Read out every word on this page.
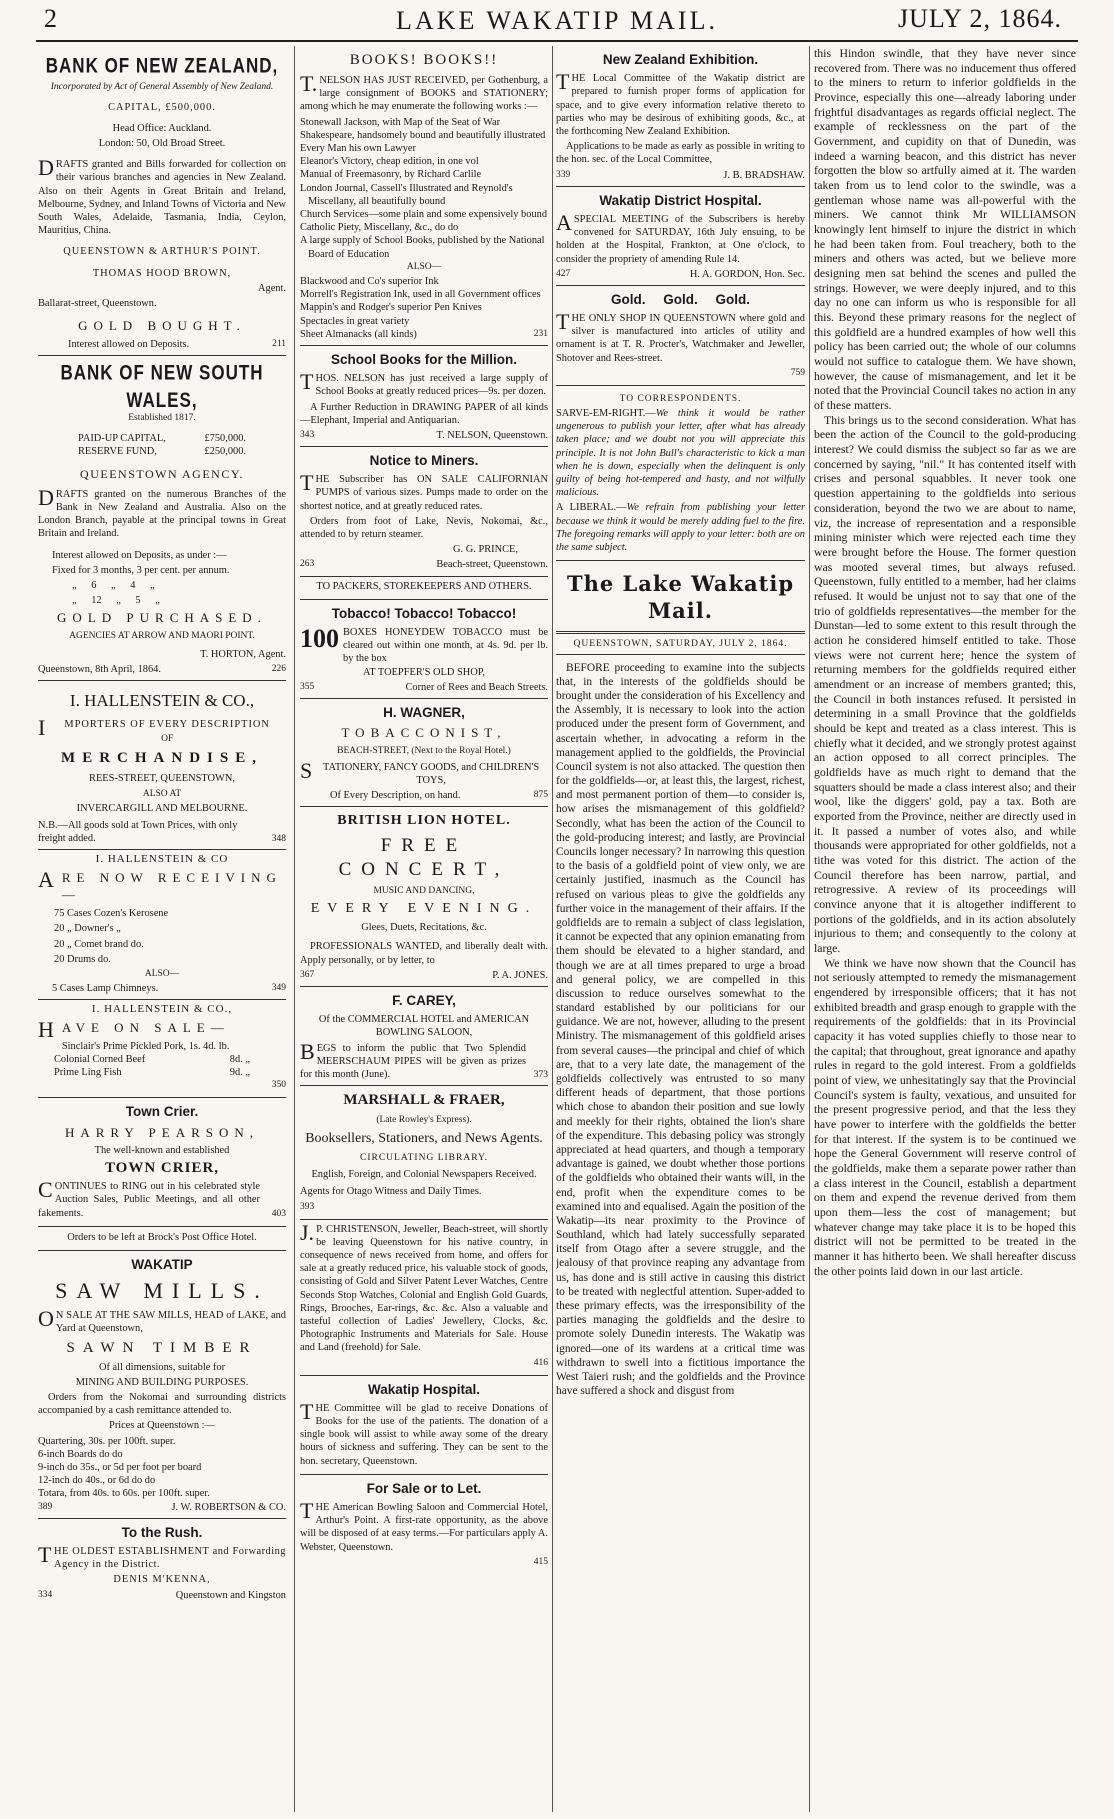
2	LAKE WAKATIP MAIL.	JULY 2, 1864.
BANK OF NEW ZEALAND,

Incorporated by Act of General Assembly of New Zealand.

CAPITAL, £500,000.

Head Office: Auckland.

London: 50, Old Broad Street.

DRAFTS granted and Bills forwarded for collection on their various branches and agencies in New Zealand. Also on their Agents in Great Britain and Ireland, Melbourne, Sydney, and Inland Towns of Victoria and New South Wales, Adelaide, Tasmania, India, Ceylon, Mauritius, China.

QUEENSTOWN & ARTHUR'S POINT.

THOMAS HOOD BROWN,

Agent.

Ballarat-street, Queenstown.

GOLD BOUGHT.

Interest allowed on Deposits.	211
BANK OF NEW SOUTH WALES,

Established 1817.

PAID-UP CAPITAL,	£750,000.
RESERVE FUND,	£250,000.

QUEENSTOWN AGENCY.

DRAFTS granted on the numerous Branches of the Bank in New Zealand and Australia. Also on the London Branch, payable at the principal towns in Great Britain and Ireland.

Interest allowed on Deposits, as under :—

Fixed for 3 months, 3 per cent. per annum.

„ 6 „ 4 „

„ 12 „ 5 „

GOLD PURCHASED.

AGENCIES AT ARROW AND MAORI POINT.

T. HORTON, Agent.

Queenstown, 8th April, 1864.	226

I. HALLENSTEIN & CO.,

IMPORTERS OF EVERY DESCRIPTION

OF

MERCHANDISE,

REES-STREET, QUEENSTOWN,

ALSO AT

INVERCARGILL AND MELBOURNE.

N.B.—All goods sold at Town Prices, with only freight added.	348

I. HALLENSTEIN & CO

ARE NOW RECEIVING—

75 Cases Cozen's Kerosene

20 „ Downer's „

20 „ Comet brand do.

20 Drums do.

ALSO—

5 Cases Lamp Chimneys.	349

I. HALLENSTEIN & CO.,

HAVE ON SALE—

Sinclair's Prime Pickled Pork, 1s. 4d. lb.
Colonial Corned Beef	8d. „
Prime Ling Fish	9d. „

350

Town Crier.

HARRY PEARSON,

The well-known and established

TOWN CRIER,

CONTINUES to RING out in his celebrated style Auction Sales, Public Meetings, and all other fakements.	403

Orders to be left at Brock's Post Office Hotel.

WAKATIP

SAW MILLS.

ON SALE AT THE SAW MILLS, HEAD of LAKE, and Yard at Queenstown,

SAWN TIMBER

Of all dimensions, suitable for

MINING AND BUILDING PURPOSES.

Orders from the Nokomai and surrounding districts accompanied by a cash remittance attended to.

Prices at Queenstown :—

Quartering, 30s. per 100ft. super.

6-inch Boards do do

9-inch do 35s., or 5d per foot per board

12-inch do 40s., or 6d do do

Totara, from 40s. to 60s. per 100ft. super.

389	J. W. ROBERTSON & CO.
To the Rush.

THE OLDEST ESTABLISHMENT and Forwarding Agency in the District.

DENIS M'KENNA,

334	Queenstown and Kingston
BOOKS! BOOKS!!

T.NELSON HAS JUST RECEIVED, per Gothenburg, a large consignment of BOOKS and STATIONERY; among which he may enumerate the following works :—

Stonewall Jackson, with Map of the Seat of War

Shakespeare, handsomely bound and beautifully illustrated

Every Man his own Lawyer

Eleanor's Victory, cheap edition, in one vol

Manual of Freemasonry, by Richard Carlile

London Journal, Cassell's Illustrated and Reynold's Miscellany, all beautifully bound

Church Services—some plain and some expensively bound

Catholic Piety, Miscellany, &c., do do

A large supply of School Books, published by the National Board of Education

ALSO—

Blackwood and Co's superior Ink

Morrell's Registration Ink, used in all Government offices

Mappin's and Rodger's superior Pen Knives

Spectacles in great variety

Sheet Almanacks (all kinds)	231
School Books for the Million.

THOS. NELSON has just received a large supply of School Books at greatly reduced prices—9s. per dozen.

A Further Reduction in DRAWING PAPER of all kinds—Elephant, Imperial and Antiquarian.

343	T. NELSON, Queenstown.
Notice to Miners.

THE Subscriber has ON SALE CALIFORNIAN PUMPS of various sizes. Pumps made to order on the shortest notice, and at greatly reduced rates.

Orders from foot of Lake, Nevis, Nokomai, &c., attended to by return steamer.

G. G. PRINCE,

263	Beach-street, Queenstown.

TO PACKERS, STOREKEEPERS AND OTHERS.

Tobacco! Tobacco! Tobacco!
100 BOXES HONEYDEW TOBACCO must be cleared out within one month, at 4s. 9d. per lb. by the box

AT TOEPFER'S OLD SHOP,

355	Corner of Rees and Beach Streets.
H. WAGNER,

TOBACCONIST,

BEACH-STREET, (Next to the Royal Hotel.)

STATIONERY, FANCY GOODS, and CHILDREN'S TOYS,

Of Every Description, on hand.	875
BRITISH LION HOTEL.

FREE CONCERT,

MUSIC AND DANCING,

EVERY EVENING.

Glees, Duets, Recitations, &c.

PROFESSIONALS WANTED, and liberally dealt with. Apply personally, or by letter, to

367	P. A. JONES.
F. CAREY,

Of the COMMERCIAL HOTEL and AMERICAN BOWLING SALOON,

BEGS to inform the public that Two Splendid MEERSCHAUM PIPES will be given as prizes for this month (June).	373
MARSHALL & FRAER,

(Late Rowley's Express).

Booksellers, Stationers, and News Agents.

CIRCULATING LIBRARY.

English, Foreign, and Colonial Newspapers Received.

Agents for Otago Witness and Daily Times.

393

J.P. CHRISTENSON, Jeweller, Beach-street, will shortly be leaving Queenstown for his native country, in consequence of news received from home, and offers for sale at a greatly reduced price, his valuable stock of goods, consisting of Gold and Silver Patent Lever Watches, Centre Seconds Stop Watches, Colonial and English Gold Guards, Rings, Brooches, Ear-rings, &c. &c. Also a valuable and tasteful collection of Ladies' Jewellery, Clocks, &c. Photographic Instruments and Materials for Sale. House and Land (freehold) for Sale.

416

Wakatip Hospital.

THE Committee will be glad to receive Donations of Books for the use of the patients. The donation of a single book will assist to while away some of the dreary hours of sickness and suffering. They can be sent to the hon. secretary, Queenstown.

For Sale or to Let.

THE American Bowling Saloon and Commercial Hotel, Arthur's Point. A first-rate opportunity, as the above will be disposed of at easy terms.—For particulars apply A. Webster, Queenstown.

415

New Zealand Exhibition.

THE Local Committee of the Wakatip district are prepared to furnish proper forms of application for space, and to give every information relative thereto to parties who may be desirous of exhibiting goods, &c., at the forthcoming New Zealand Exhibition.

Applications to be made as early as possible in writing to the hon. sec. of the Local Committee,

339	J. B. BRADSHAW.
Wakatip District Hospital.

ASPECIAL MEETING of the Subscribers is hereby convened for SATURDAY, 16th July ensuing, to be holden at the Hospital, Frankton, at One o'clock, to consider the propriety of amending Rule 14.

427	H. A. GORDON, Hon. Sec.
Gold. Gold. Gold.

THE ONLY SHOP IN QUEENSTOWN where gold and silver is manufactured into articles of utility and ornament is at T. R. Procter's, Watchmaker and Jeweller, Shotover and Rees-street.

759

TO CORRESPONDENTS.

SARVE-EM-RIGHT.—We think it would be rather ungenerous to publish your letter, after what has already taken place; and we doubt not you will appreciate this principle. It is not John Bull's characteristic to kick a man when he is down, especially when the delinquent is only guilty of being hot-tempered and hasty, and not wilfully malicious.

A LIBERAL.—We refrain from publishing your letter because we think it would be merely adding fuel to the fire. The foregoing remarks will apply to your letter: both are on the same subject.

The Lake Wakatip Mail.

QUEENSTOWN, SATURDAY, JULY 2, 1864.

BEFORE proceeding to examine into the subjects that, in the interests of the goldfields should be brought under the consideration of his Excellency and the Assembly, it is necessary to look into the action produced under the present form of Government, and ascertain whether, in advocating a reform in the management applied to the goldfields, the Provincial Council system is not also attacked. The question then for the goldfields—or, at least this, the largest, richest, and most permanent portion of them—to consider is, how arises the mismanagement of this goldfield? Secondly, what has been the action of the Council to the gold-producing interest; and lastly, are Provincial Councils longer necessary? In narrowing this question to the basis of a goldfield point of view only, we are certainly justified, inasmuch as the Council has refused on various pleas to give the goldfields any further voice in the management of their affairs. If the goldfields are to remain a subject of class legislation, it cannot be expected that any opinion emanating from them should be elevated to a higher standard, and though we are at all times prepared to urge a broad and general policy, we are compelled in this discussion to reduce ourselves somewhat to the standard established by our politicians for our guidance. We are not, however, alluding to the present Ministry. The mismanagement of this goldfield arises from several causes—the principal and chief of which are, that to a very late date, the management of the goldfields collectively was entrusted to so many different heads of department, that those portions which chose to abandon their position and sue lowly and meekly for their rights, obtained the lion's share of the expenditure. This debasing policy was strongly appreciated at head quarters, and though a temporary advantage is gained, we doubt whether those portions of the goldfields who obtained their wants will, in the end, profit when the expenditure comes to be examined into and equalised. Again the position of the Wakatip—its near proximity to the Province of Southland, which had lately successfully separated itself from Otago after a severe struggle, and the jealousy of that province reaping any advantage from us, has done and is still active in causing this district to be treated with neglectful attention. Super-added to these primary effects, was the irresponsibility of the parties managing the goldfields and the desire to promote solely Dunedin interests. The Wakatip was ignored—one of its wardens at a critical time was withdrawn to swell into a fictitious importance the West Taieri rush; and the goldfields and the Province have suffered a shock and disgust from

this Hindon swindle, that they have never since recovered from. There was no inducement thus offered to the miners to return to inferior goldfields in the Province, especially this one—already laboring under frightful disadvantages as regards official neglect. The example of recklessness on the part of the Government, and cupidity on that of Dunedin, was indeed a warning beacon, and this district has never forgotten the blow so artfully aimed at it. The warden taken from us to lend color to the swindle, was a gentleman whose name was all-powerful with the miners. We cannot think Mr WILLIAMSON knowingly lent himself to injure the district in which he had been taken from. Foul treachery, both to the miners and others was acted, but we believe more designing men sat behind the scenes and pulled the strings. However, we were deeply injured, and to this day no one can inform us who is responsible for all this. Beyond these primary reasons for the neglect of this goldfield are a hundred examples of how well this policy has been carried out; the whole of our columns would not suffice to catalogue them. We have shown, however, the cause of mismanagement, and let it be noted that the Provincial Council takes no action in any of these matters.

This brings us to the second consideration. What has been the action of the Council to the gold-producing interest? We could dismiss the subject so far as we are concerned by saying, "nil." It has contented itself with crises and personal squabbles. It never took one question appertaining to the goldfields into serious consideration, beyond the two we are about to name, viz, the increase of representation and a responsible mining minister which were rejected each time they were brought before the House. The former question was mooted several times, but always refused. Queenstown, fully entitled to a member, had her claims refused. It would be unjust not to say that one of the trio of goldfields representatives—the member for the Dunstan—led to some extent to this result through the action he considered himself entitled to take. Those views were not current here; hence the system of returning members for the goldfields required either amendment or an increase of members granted; this, the Council in both instances refused. It persisted in determining in a small Province that the goldfields should be kept and treated as a class interest. This is chiefly what it decided, and we strongly protest against an action opposed to all correct principles. The goldfields have as much right to demand that the squatters should be made a class interest also; and their wool, like the diggers' gold, pay a tax. Both are exported from the Province, neither are directly used in it. It passed a number of votes also, and while thousands were appropriated for other goldfields, not a tithe was voted for this district. The action of the Council therefore has been narrow, partial, and retrogressive. A review of its proceedings will convince anyone that it is altogether indifferent to portions of the goldfields, and in its action absolutely injurious to them; and consequently to the colony at large.

We think we have now shown that the Council has not seriously attempted to remedy the mismanagement engendered by irresponsible officers; that it has not exhibited breadth and grasp enough to grapple with the requirements of the goldfields: that in its Provincial capacity it has voted supplies chiefly to those near to the capital; that throughout, great ignorance and apathy rules in regard to the gold interest. From a goldfields point of view, we unhesitatingly say that the Provincial Council's system is faulty, vexatious, and unsuited for the present progressive period, and that the less they have power to interfere with the goldfields the better for that interest. If the system is to be continued we hope the General Government will reserve control of the goldfields, make them a separate power rather than a class interest in the Council, establish a department on them and expend the revenue derived from them upon them—less the cost of management; but whatever change may take place it is to be hoped this district will not be permitted to be treated in the manner it has hitherto been. We shall hereafter discuss the other points laid down in our last article.
